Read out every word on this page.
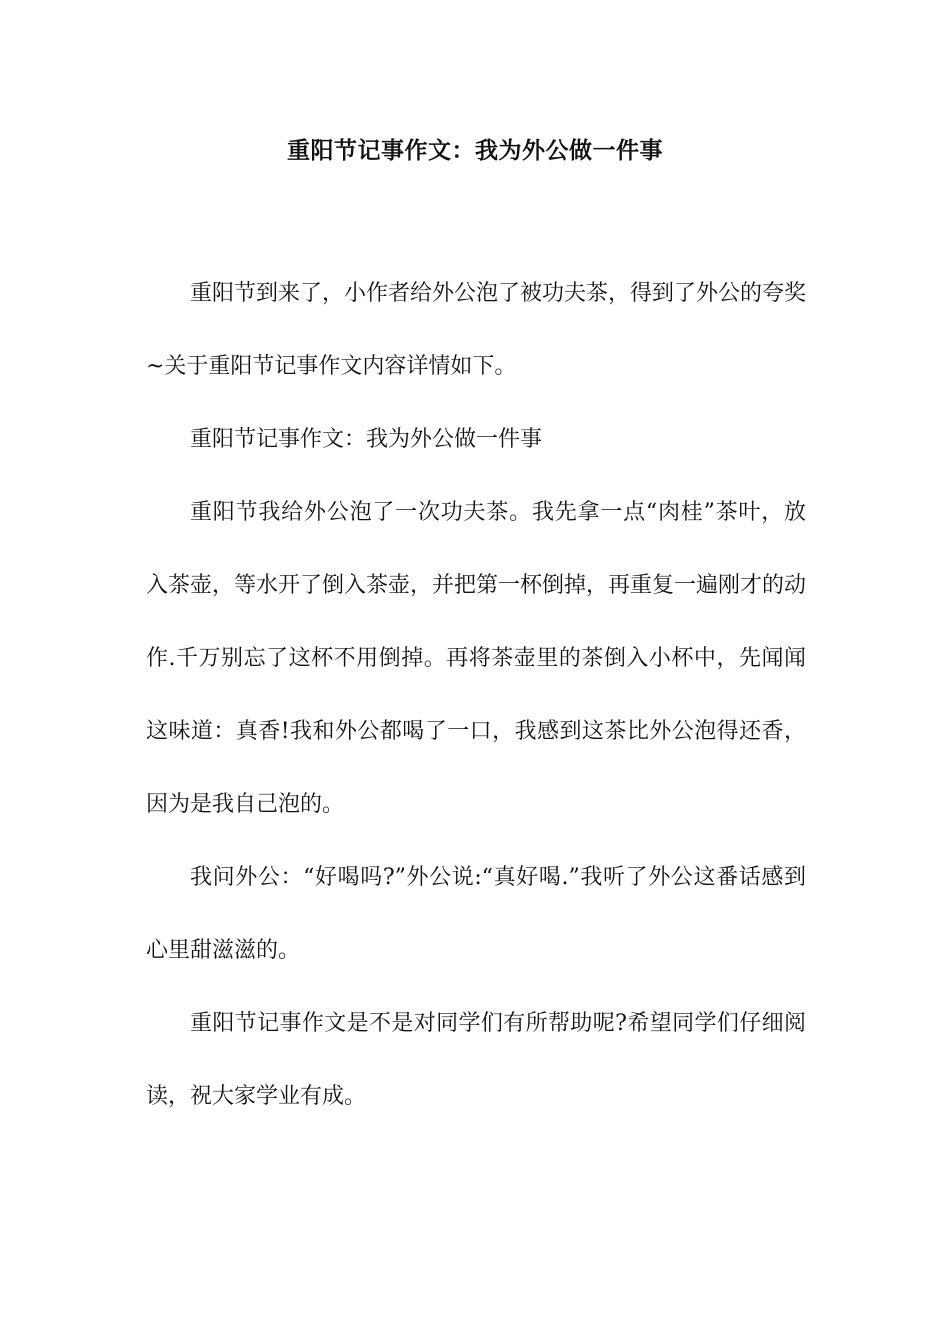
重阳节记事作文：我为外公做一件事

重阳节到来了，小作者给外公泡了被功夫茶，得到了外公的夸奖~关于重阳节记事作文内容详情如下。

重阳节记事作文：我为外公做一件事

重阳节我给外公泡了一次功夫茶。我先拿一点“肉桂”茶叶，放入茶壶，等水开了倒入茶壶，并把第一杯倒掉，再重复一遍刚才的动作.千万别忘了这杯不用倒掉。再将茶壶里的茶倒入小杯中，先闻闻这味道：真香!我和外公都喝了一口，我感到这茶比外公泡得还香，因为是我自己泡的。

我问外公：“好喝吗?”外公说:“真好喝.”我听了外公这番话感到心里甜滋滋的。

重阳节记事作文是不是对同学们有所帮助呢?希望同学们仔细阅读，祝大家学业有成。
